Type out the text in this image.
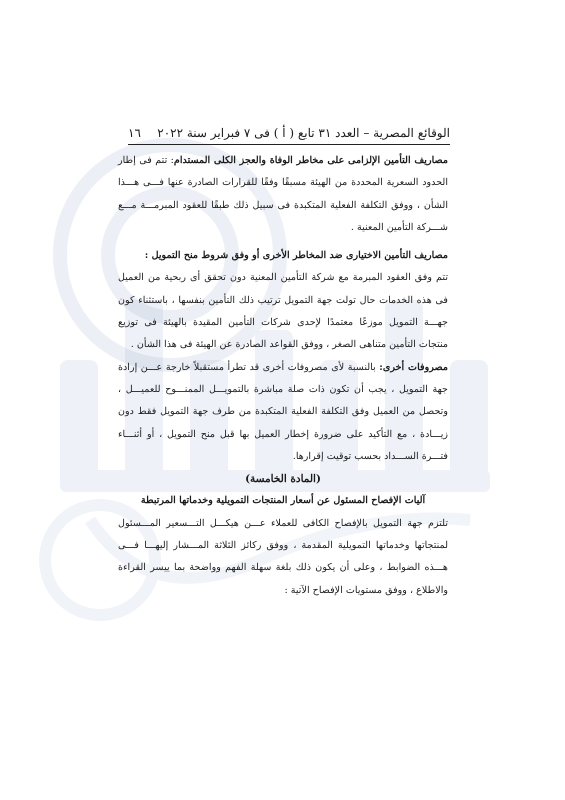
الوقائع المصرية – العدد ٣١ تابع ( أ ) فى ٧ فبراير سنة ٢٠٢٢
١٦

مصاريف التأمين الإلزامى على مخاطر الوفاة والعجز الكلى المستدام: تتم فى إطار الحدود السعرية المحددة من الهيئة مسبقًا وفقًا للقرارات الصادرة عنها فـــى هـــذا الشأن ، ووفق التكلفة الفعلية المتكبدة فى سبيل ذلك طبقًا للعقود المبرمـــة مـــع شـــركة التأمين المعنية .

مصاريف التأمين الاختيارى ضد المخاطر الأخرى أو وفق شروط منح التمويل :

تتم وفق العقود المبرمة مع شركة التأمين المعنية دون تحقق أى ربحية من العميل فى هذه الخدمات حال تولت جهة التمويل ترتيب ذلك التأمين بنفسها ، باستثناء كون جهـــة التمويل موزعًا معتمدًا لإحدى شركات التأمين المقيدة بالهيئة فى توزيع منتجات التأمين متناهى الصغر ، ووفق القواعد الصادرة عن الهيئة فى هذا الشأن .

مصروفات أخرى: بالنسبة لأى مصروفات أخرى قد تطرأ مستقبلاً خارجة عـــن إرادة جهة التمويل ، يجب أن تكون ذات صلة مباشرة بالتمويـــل الممنـــوح للعميـــل ، وتحصل من العميل وفق التكلفة الفعلية المتكبدة من طرف جهة التمويل فقط دون زيـــادة ، مع التأكيد على ضرورة إخطار العميل بها قبل منح التمويل ، أو أثنـــاء فتـــرة الســـداد بحسب توقيت إقرارها.

(المادة الخامسة)

آليات الإفصاح المسئول عن أسعار المنتجات التمويلية وخدماتها المرتبطة

تلتزم جهة التمويل بالإفصاح الكافى للعملاء عـــن هيكـــل التـــسعير المـــسئول لمنتجاتها وخدماتها التمويلية المقدمة ، ووفق ركائز الثلاثة المـــشار إليهـــا فـــى هـــذه الضوابط ، وعلى أن يكون ذلك بلغة سهلة الفهم وواضحة بما ييسر القراءة والاطلاع ، ووفق مستويات الإفصاح الآتية :
